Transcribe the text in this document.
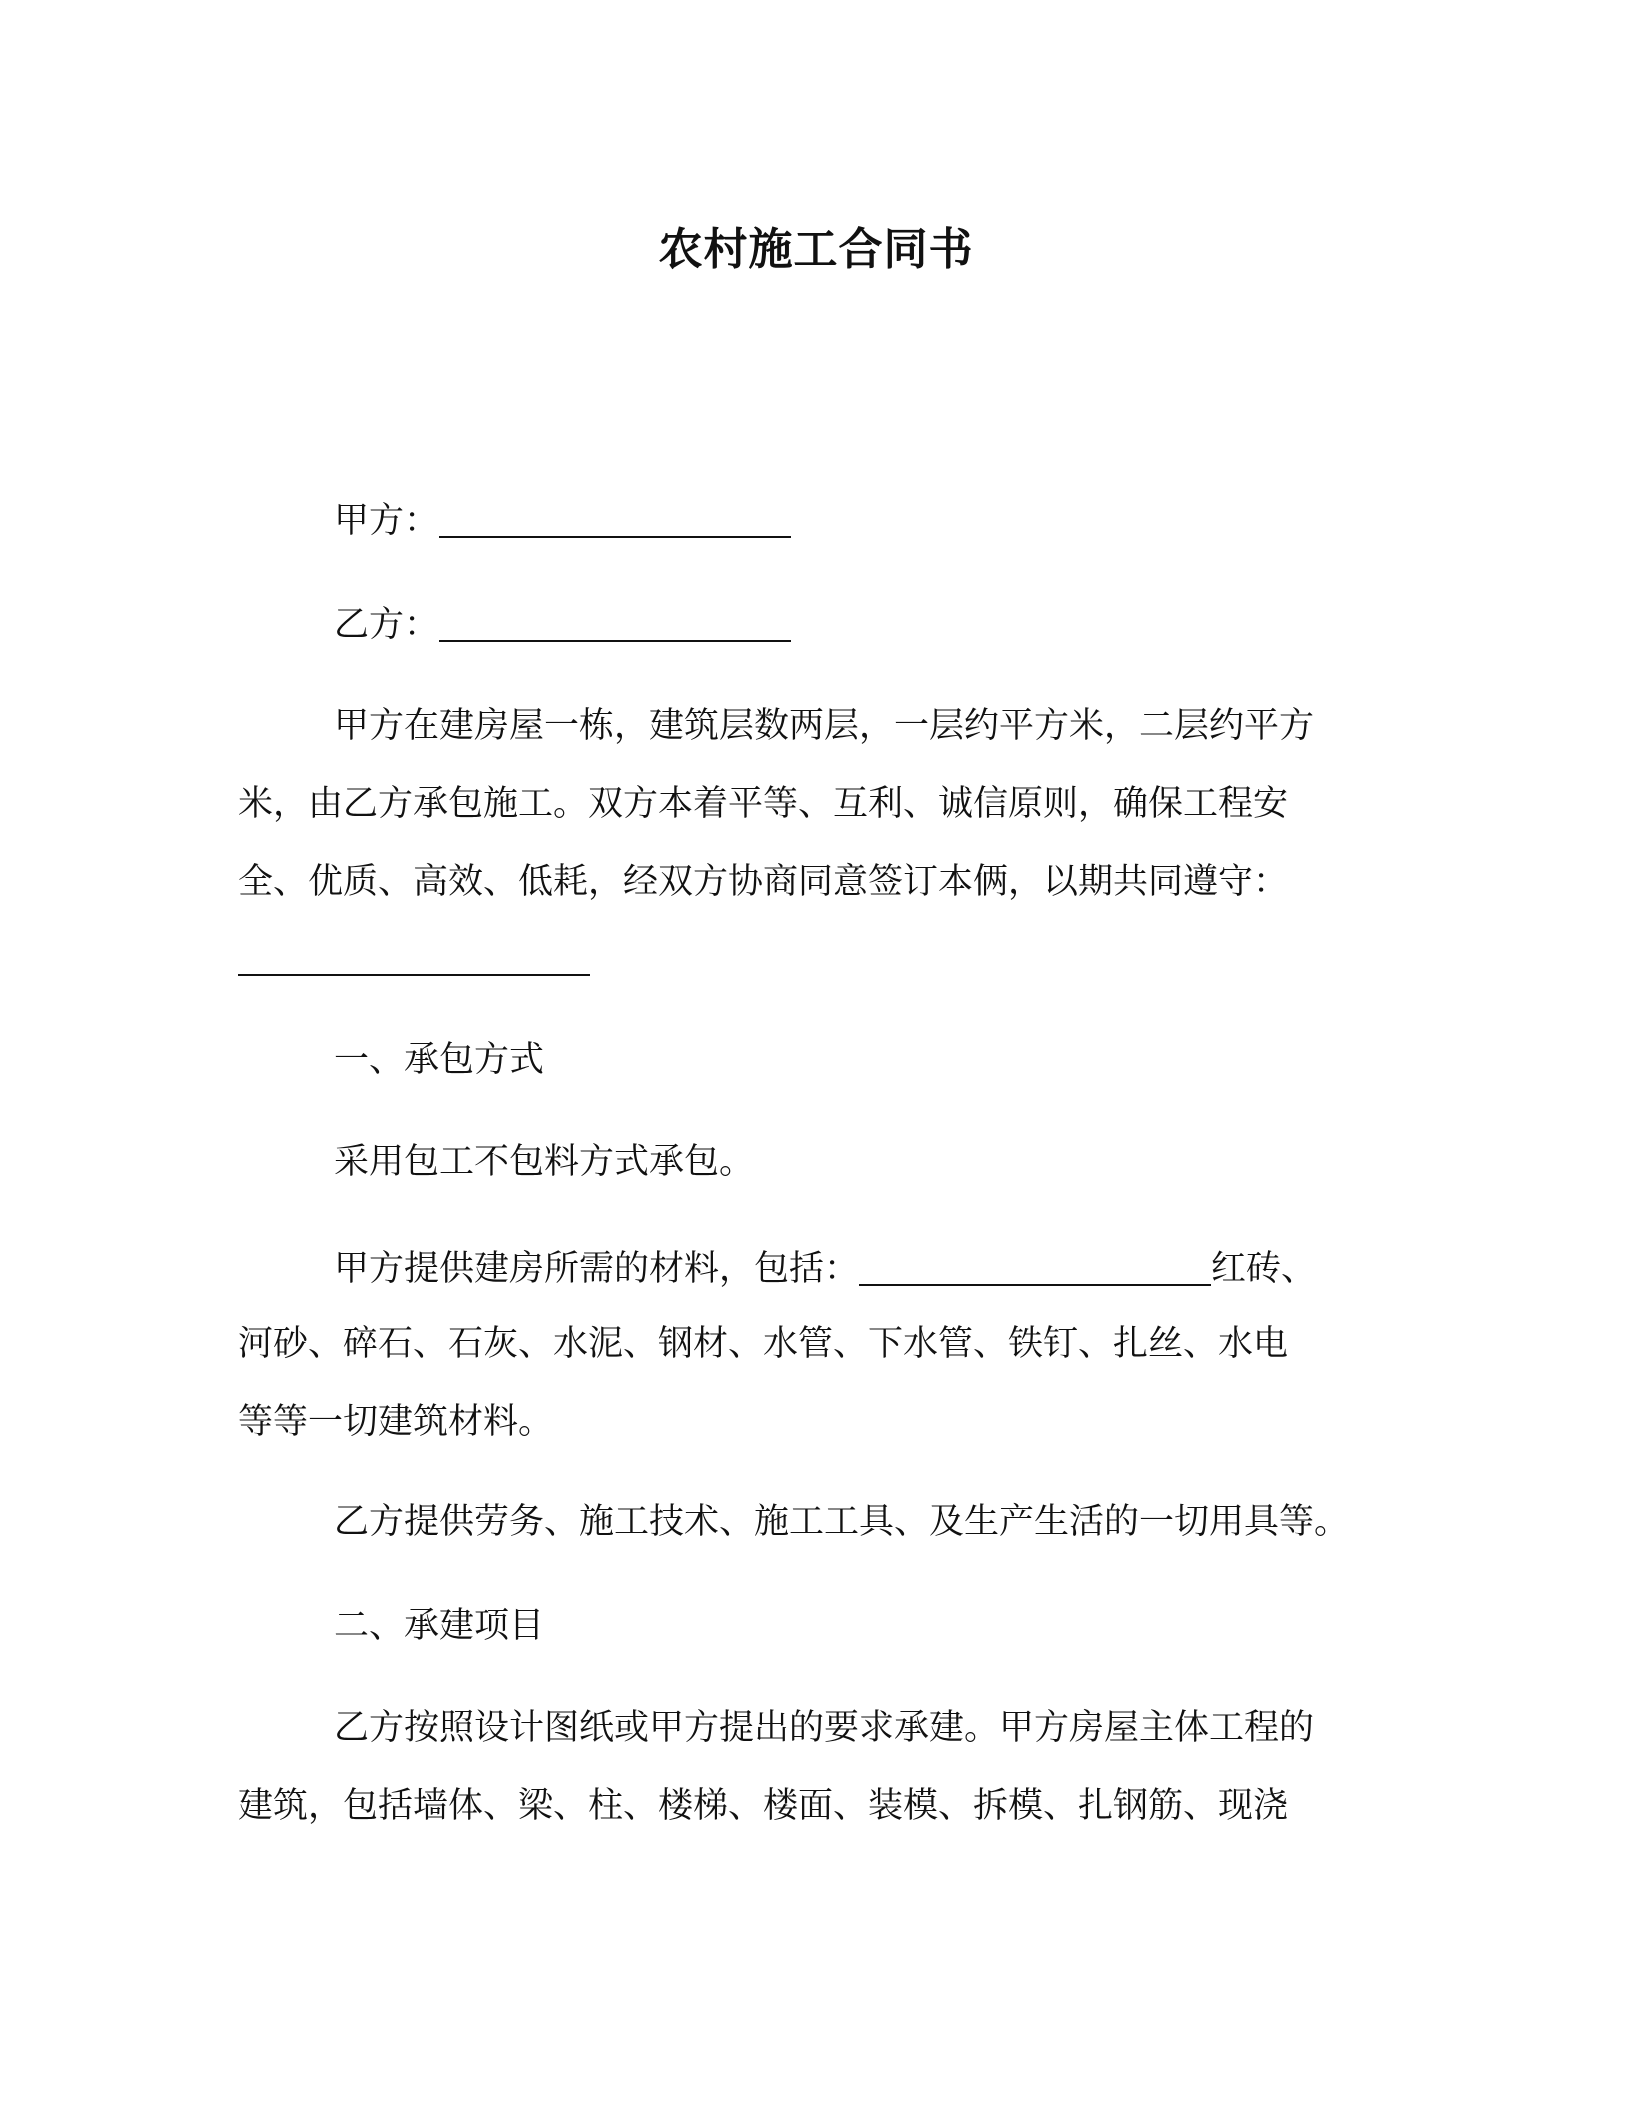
农村施工合同书
甲方：
乙方：
甲方在建房屋一栋，建筑层数两层，一层约平方米，二层约平方
米，由乙方承包施工。双方本着平等、互利、诚信原则，确保工程安
全、优质、高效、低耗，经双方协商同意签订本俩，以期共同遵守：
一、承包方式
采用包工不包料方式承包。
甲方提供建房所需的材料，包括：	红砖、
河砂、碎石、石灰、水泥、钢材、水管、下水管、铁钉、扎丝、水电
等等一切建筑材料。
乙方提供劳务、施工技术、施工工具、及生产生活的一切用具等。
二、承建项目
乙方按照设计图纸或甲方提出的要求承建。甲方房屋主体工程的
建筑，包括墙体、梁、柱、楼梯、楼面、装模、拆模、扎钢筋、现浇
